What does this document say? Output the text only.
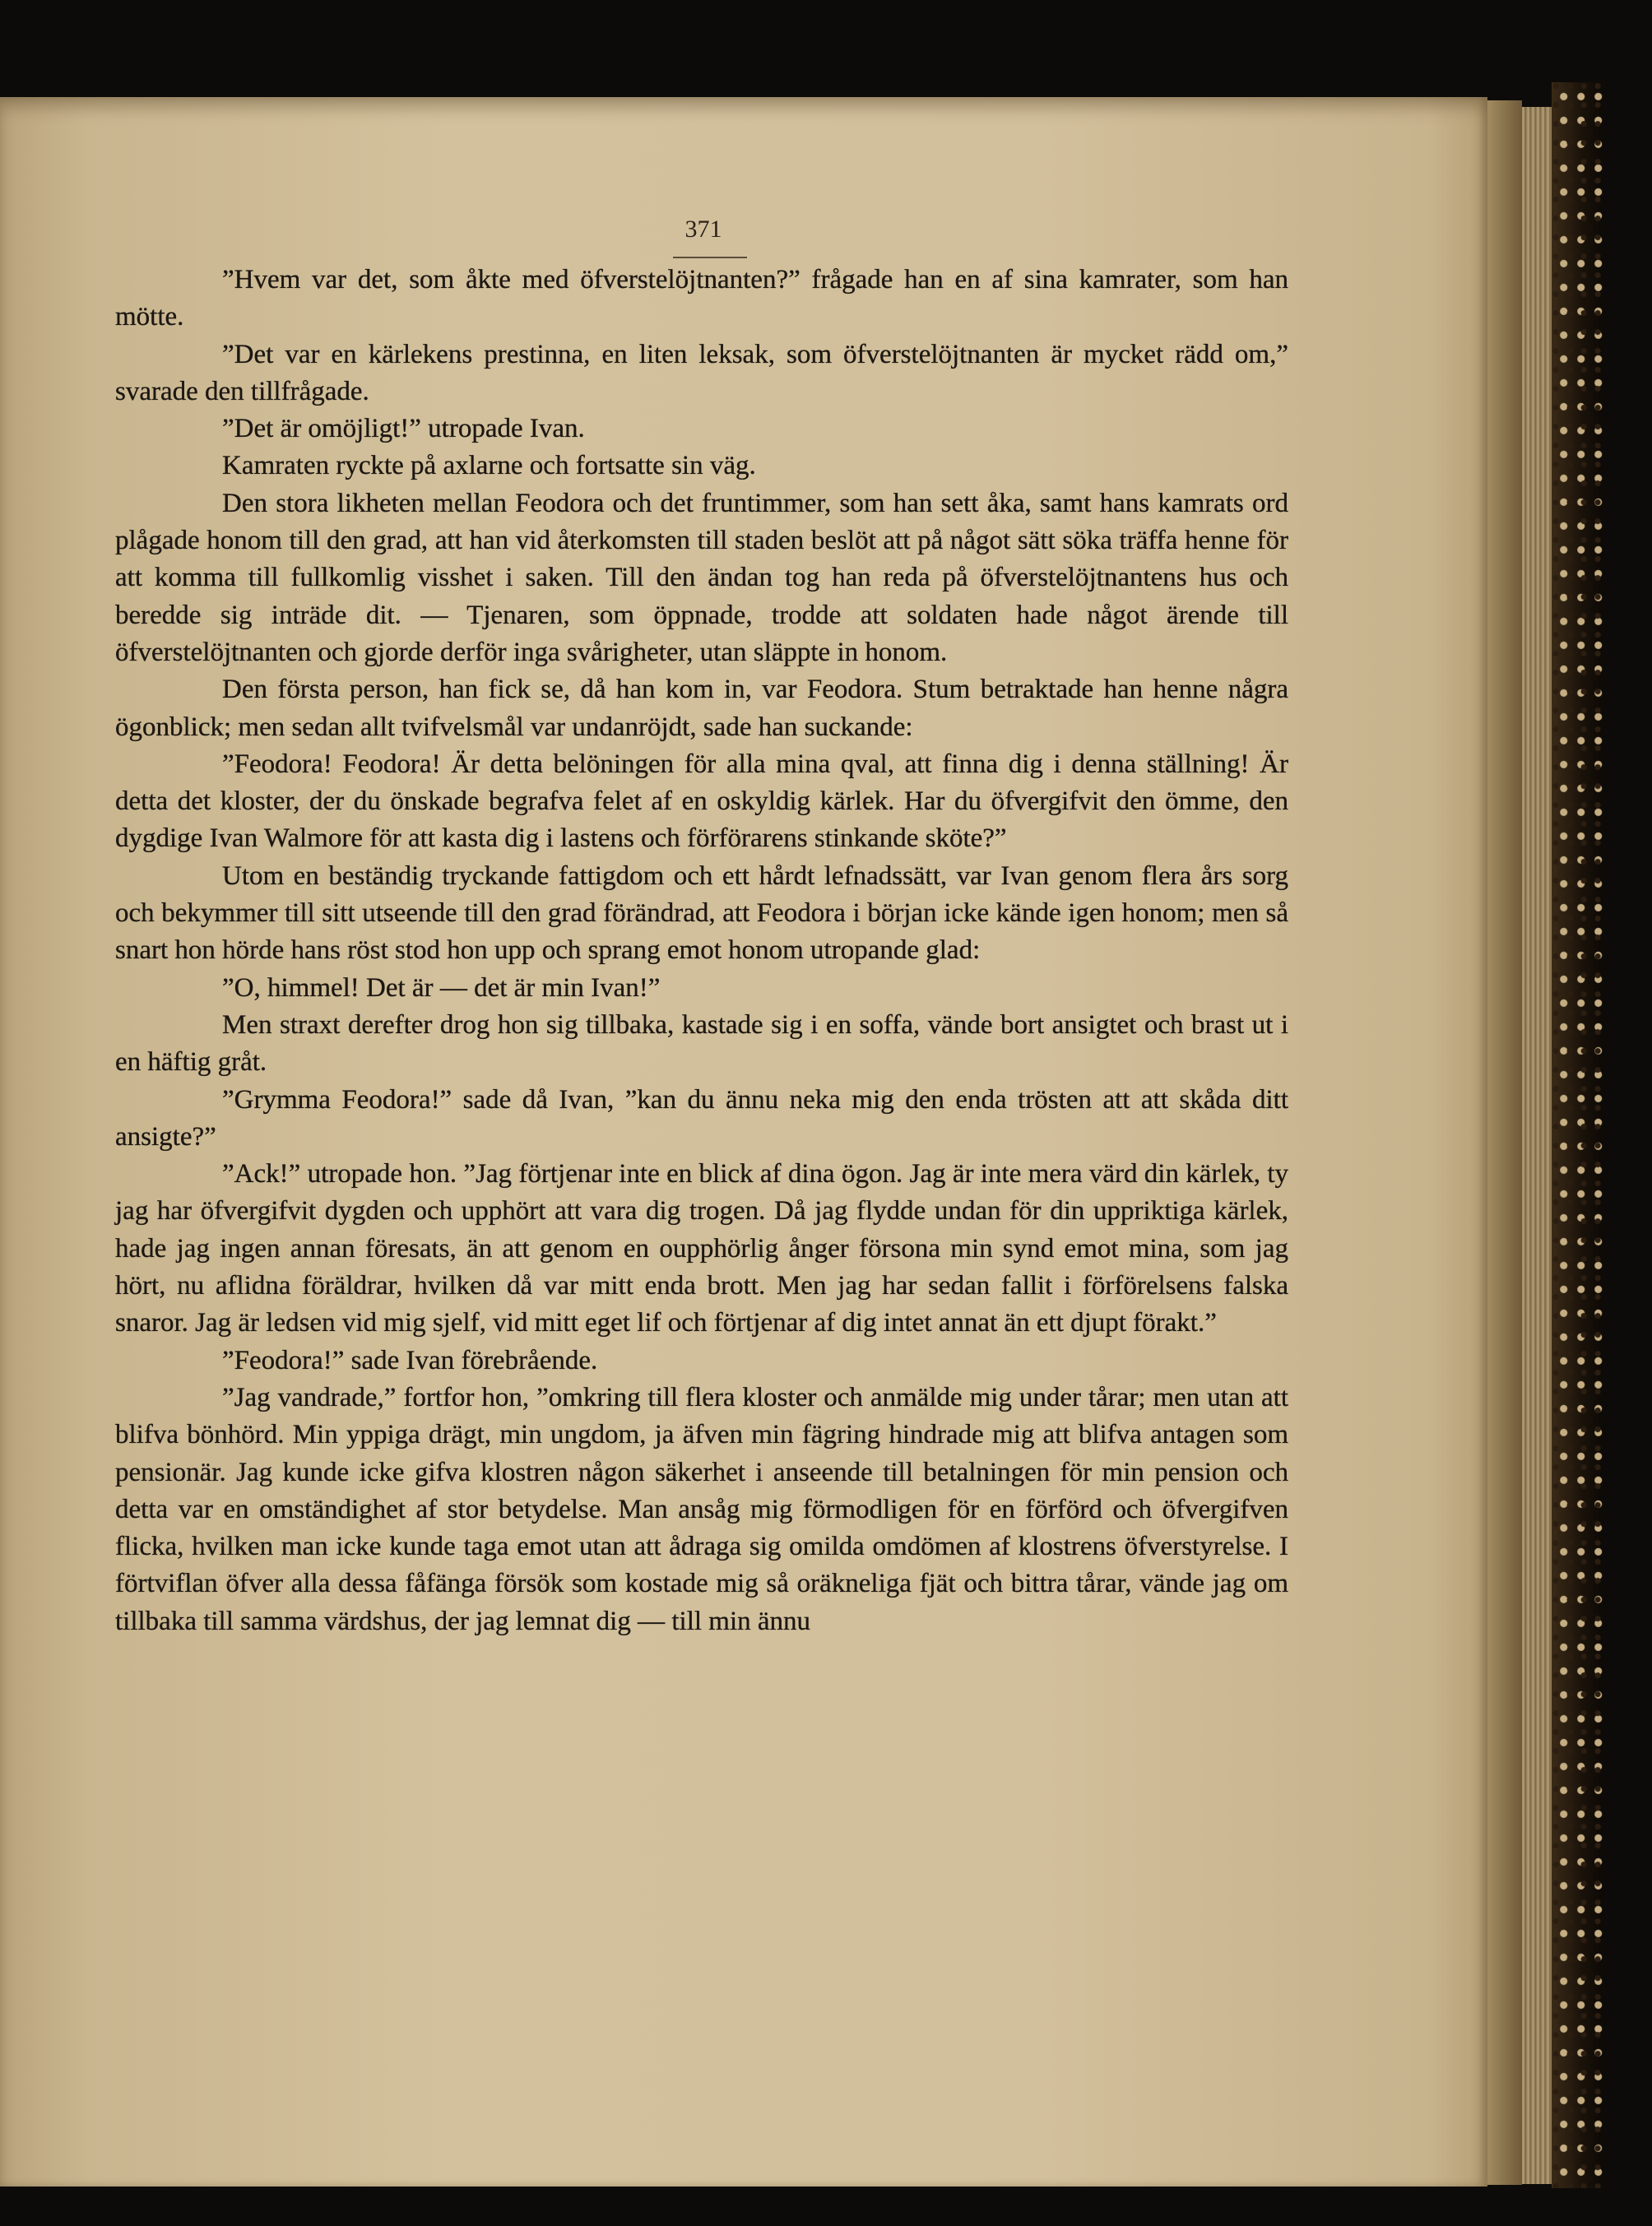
371

”Hvem var det, som åkte med öfverstelöjtnanten?” frågade han en af sina kamrater, som han mötte.

”Det var en kärlekens prestinna, en liten leksak, som öfverstelöjtnanten är mycket rädd om,” svarade den tillfrågade.

”Det är omöjligt!” utropade Ivan.

Kamraten ryckte på axlarne och fortsatte sin väg.

Den stora likheten mellan Feodora och det fruntimmer, som han sett åka, samt hans kamrats ord plågade honom till den grad, att han vid återkomsten till staden beslöt att på något sätt söka träffa henne för att komma till fullkomlig visshet i saken. Till den ändan tog han reda på öfverstelöjtnantens hus och beredde sig inträde dit. — Tjenaren, som öppnade, trodde att soldaten hade något ärende till öfverstelöjtnanten och gjorde derför inga svårigheter, utan släppte in honom.

Den första person, han fick se, då han kom in, var Feodora. Stum betraktade han henne några ögonblick; men sedan allt tvifvelsmål var undanröjdt, sade han suckande:

”Feodora! Feodora! Är detta belöningen för alla mina qval, att finna dig i denna ställning! Är detta det kloster, der du önskade begrafva felet af en oskyldig kärlek. Har du öfvergifvit den ömme, den dygdige Ivan Walmore för att kasta dig i lastens och förförarens stinkande sköte?”

Utom en beständig tryckande fattigdom och ett hårdt lefnadssätt, var Ivan genom flera års sorg och bekymmer till sitt utseende till den grad förändrad, att Feodora i början icke kände igen honom; men så snart hon hörde hans röst stod hon upp och sprang emot honom utropande glad:

”O, himmel! Det är — det är min Ivan!”

Men straxt derefter drog hon sig tillbaka, kastade sig i en soffa, vände bort ansigtet och brast ut i en häftig gråt.

”Grymma Feodora!” sade då Ivan, ”kan du ännu neka mig den enda trösten att att skåda ditt ansigte?”

”Ack!” utropade hon. ”Jag förtjenar inte en blick af dina ögon. Jag är inte mera värd din kärlek, ty jag har öfvergifvit dygden och upphört att vara dig trogen. Då jag flydde undan för din uppriktiga kärlek, hade jag ingen annan föresats, än att genom en oupphörlig ånger försona min synd emot mina, som jag hört, nu aflidna föräldrar, hvilken då var mitt enda brott. Men jag har sedan fallit i förförelsens falska snaror. Jag är ledsen vid mig sjelf, vid mitt eget lif och förtjenar af dig intet annat än ett djupt förakt.”

”Feodora!” sade Ivan förebrående.

”Jag vandrade,” fortfor hon, ”omkring till flera kloster och anmälde mig under tårar; men utan att blifva bönhörd. Min yppiga drägt, min ungdom, ja äfven min fägring hindrade mig att blifva antagen som pensionär. Jag kunde icke gifva klostren någon säkerhet i anseende till betalningen för min pension och detta var en omständighet af stor betydelse. Man ansåg mig förmodligen för en förförd och öfvergifven flicka, hvilken man icke kunde taga emot utan att ådraga sig omilda omdömen af klostrens öfverstyrelse. I förtviflan öfver alla dessa fåfänga försök som kostade mig så oräkneliga fjät och bittra tårar, vände jag om tillbaka till samma värdshus, der jag lemnat dig — till min ännu
